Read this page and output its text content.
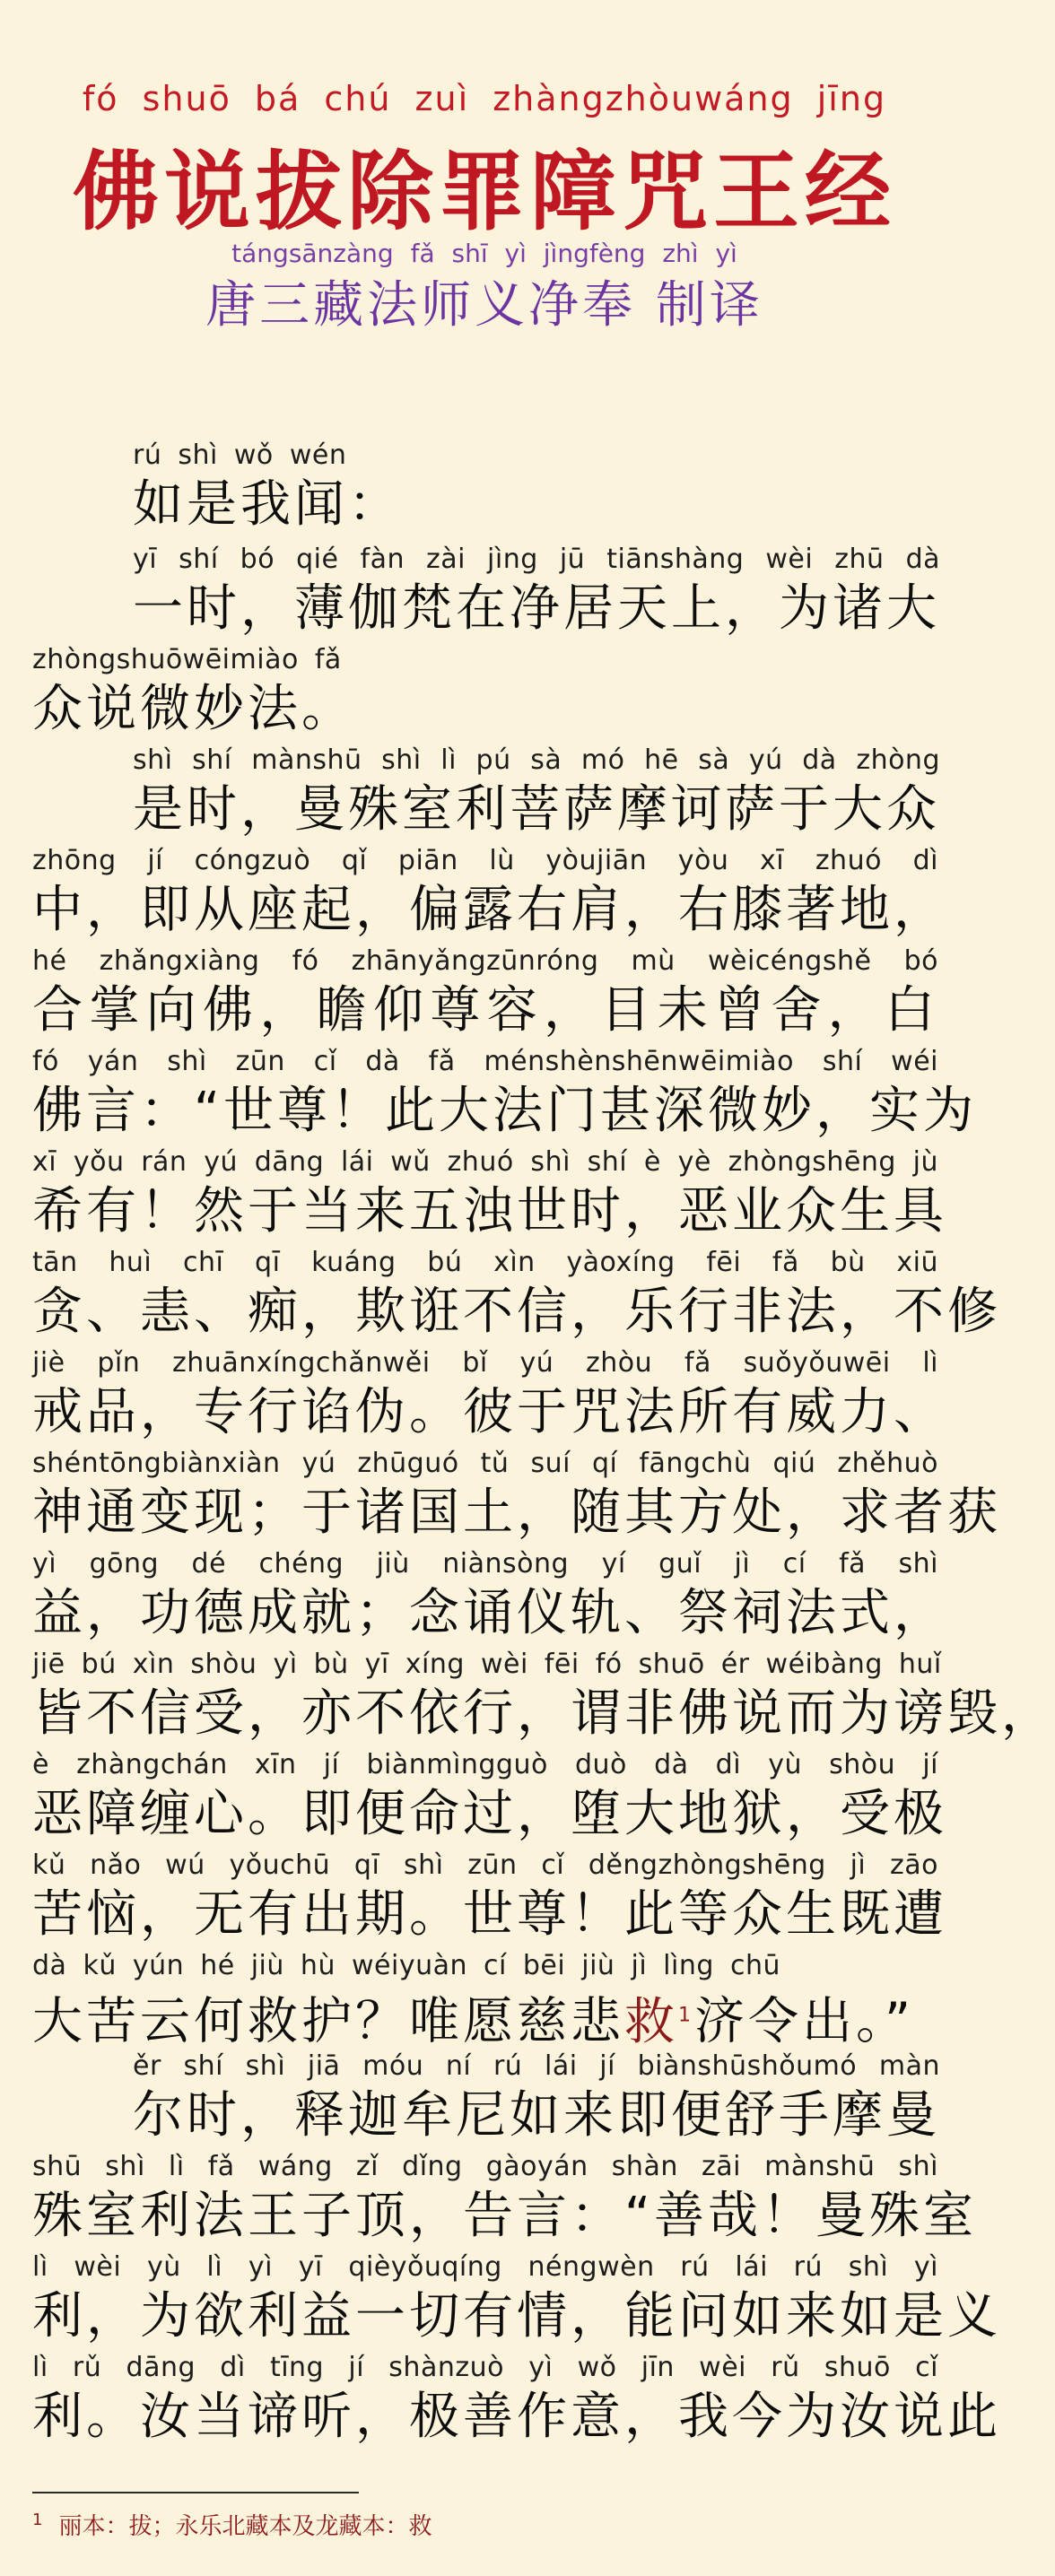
fó shuō bá chú zuì zhàngzhòuwáng jīng
佛说拔除罪障咒王经
tángsānzàng fǎ shī yì jìngfèng zhì yì
唐三藏法师义净奉 制译
rú shì wǒ wén
如是我闻：
yī shí bó qié fàn zài jìng jū tiānshàng wèi zhū dà
一时，薄伽梵在净居天上，为诸大
zhòngshuōwēimiào fǎ
众说微妙法。
shì shí mànshū shì lì pú sà mó hē sà yú dà zhòng
是时，曼殊室利菩萨摩诃萨于大众
zhōng jí cóngzuò qǐ piān lù yòujiān yòu xī zhuó dì
中，即从座起，偏露右肩，右膝著地，
hé zhǎngxiàng fó zhānyǎngzūnróng mù wèicéngshě bó
合掌向佛，瞻仰尊容，目未曾舍，白
fó yán shì zūn cǐ dà fǎ ménshènshēnwēimiào shí wéi
佛言：“世尊！此大法门甚深微妙，实为
xī yǒu rán yú dāng lái wǔ zhuó shì shí è yè zhòngshēng jù
希有！然于当来五浊世时，恶业众生具
tān huì chī qī kuáng bú xìn yàoxíng fēi fǎ bù xiū
贪、恚、痴，欺诳不信，乐行非法，不修
jiè pǐn zhuānxíngchǎnwěi bǐ yú zhòu fǎ suǒyǒuwēi lì
戒品，专行谄伪。彼于咒法所有威力、
shéntōngbiànxiàn yú zhūguó tǔ suí qí fāngchù qiú zhěhuò
神通变现；于诸国土，随其方处，求者获
yì gōng dé chéng jiù niànsòng yí guǐ jì cí fǎ shì
益，功德成就；念诵仪轨、祭祠法式，
jiē bú xìn shòu yì bù yī xíng wèi fēi fó shuō ér wéibàng huǐ
皆不信受，亦不依行，谓非佛说而为谤毁，
è zhàngchán xīn jí biànmìngguò duò dà dì yù shòu jí
恶障缠心。即便命过，堕大地狱，受极
kǔ nǎo wú yǒuchū qī shì zūn cǐ děngzhòngshēng jì zāo
苦恼，无有出期。世尊！此等众生既遭
dà kǔ yún hé jiù hù wéiyuàn cí bēi jiù jì lìng chū
大苦云何救护？唯愿慈悲救$^1$济令出。”
ěr shí shì jiā móu ní rú lái jí biànshūshǒumó màn
尔时，释迦牟尼如来即便舒手摩曼
shū shì lì fǎ wáng zǐ dǐng gàoyán shàn zāi mànshū shì
殊室利法王子顶，告言：“善哉！曼殊室
lì wèi yù lì yì yī qièyǒuqíng néngwèn rú lái rú shì yì
利，为欲利益一切有情，能问如来如是义
lì rǔ dāng dì tīng jí shànzuò yì wǒ jīn wèi rǔ shuō cǐ
利。汝当谛听，极善作意，我今为汝说此
$^1$ 丽本：拔；永乐北藏本及龙藏本：救
